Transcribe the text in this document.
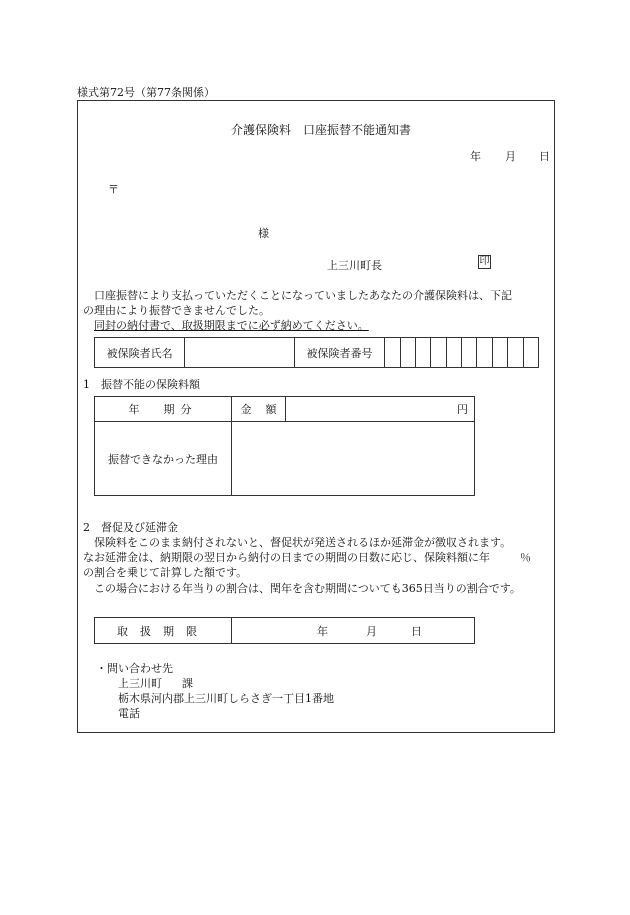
様式第72号（第77条関係）
介護保険料　口座振替不能通知書
年 月 日
〒
様
上三川町長	印
口座振替により支払っていただくことになっていましたあなたの介護保険料は、下記
の理由により振替できませんでした。
同封の納付書で、取扱期限までに必ず納めてください。
被保険者氏名		被保険者番号										
1　振替不能の保険料額
年 期分	金 額	円
振替できなかった理由		
2　督促及び延滞金
保険料をこのまま納付されないと、督促状が発送されるほか延滞金が徴収されます。
なお延滞金は、納期限の翌日から納付の日までの期間の日数に応じ、保険料額に年	％
の割合を乗じて計算した額です。
この場合における年当りの割合は、閏年を含む期間についても365日当りの割合です。
取扱期限	年	月	日
・問い合わせ先
上三川町 課
栃木県河内郡上三川町しらさぎ一丁目1番地
電話
